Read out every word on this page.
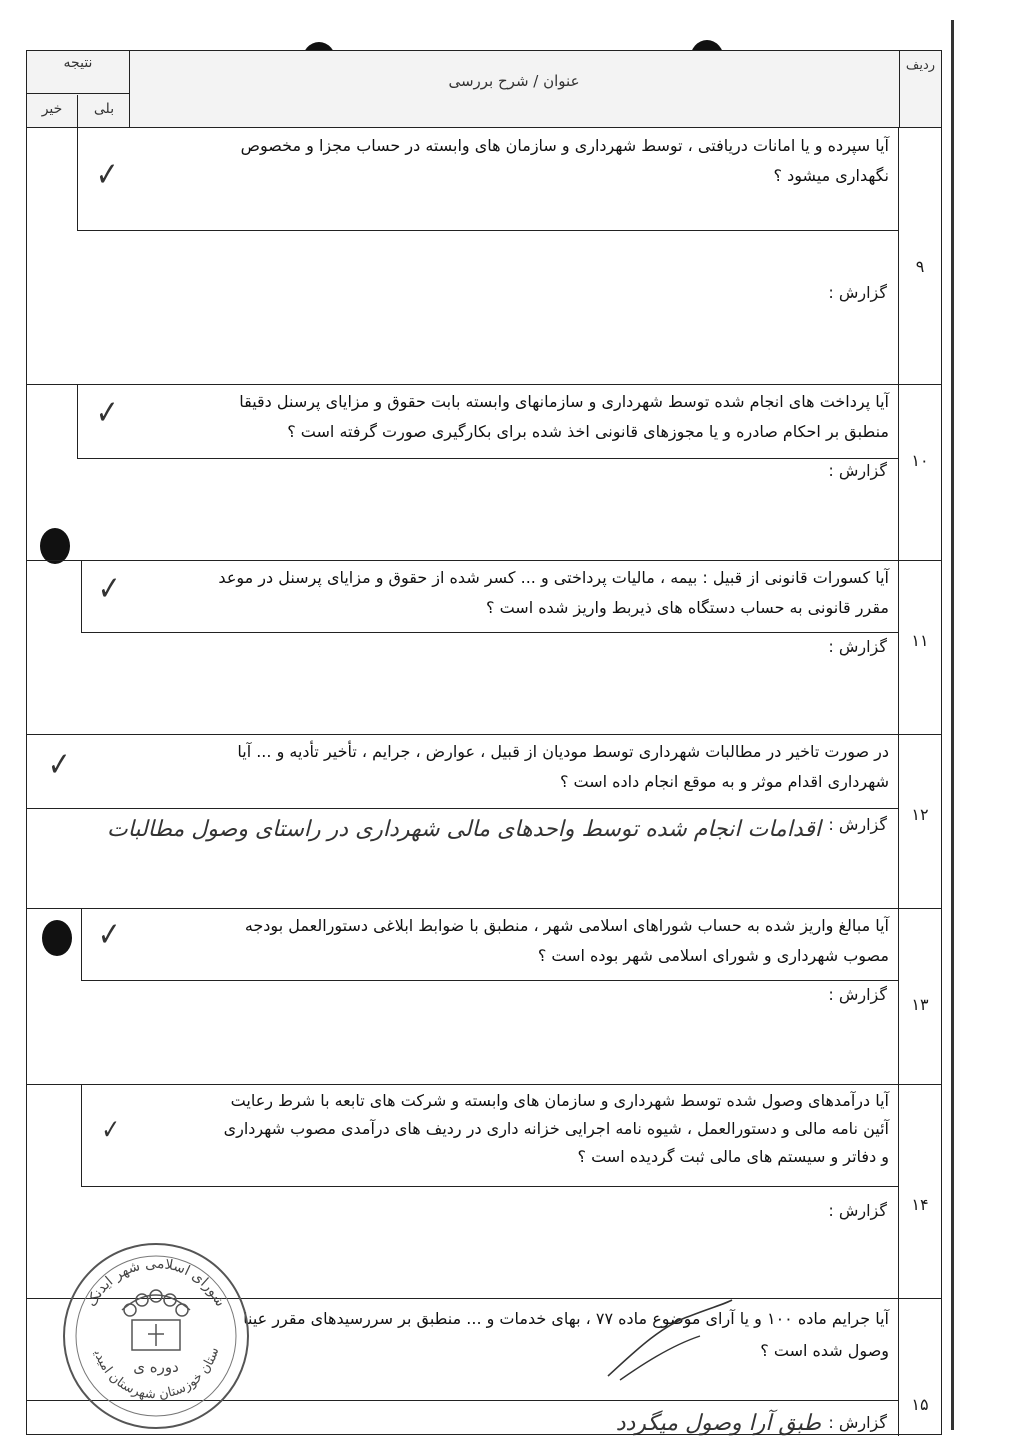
نتیجه
خیر	بلی
عنوان / شرح بررسی
ردیف
آیا سپرده و یا امانات دریافتی ، توسط شهرداری و سازمان های وابسته در حساب مجزا و مخصوص
نگهداری میشود ؟
گزارش :
✓
۹
آیا پرداخت های انجام شده توسط شهرداری و سازمانهای وابسته بابت حقوق و مزایای پرسنل دقیقا
منطبق بر احکام صادره و یا مجوزهای قانونی اخذ شده برای بکارگیری صورت گرفته است ؟
گزارش :
✓
۱۰
آیا کسورات قانونی از قبیل : بیمه ، مالیات پرداختی و ... کسر شده از حقوق و مزایای پرسنل در موعد
مقرر قانونی به حساب دستگاه های ذیربط واریز شده است ؟
گزارش :
✓
۱۱
در صورت تاخیر در مطالبات شهرداری توسط مودیان از قبیل ، عوارض ، جرایم ، تأخیر تأدیه و ... آیا
شهرداری اقدام موثر و به موقع انجام داده است ؟
گزارش :
اقدامات انجام شده توسط واحدهای مالی شهرداری در راستای وصول مطالبات
✓
۱۲
آیا مبالغ واریز شده به حساب شوراهای اسلامی شهر ، منطبق با ضوابط ابلاغی دستورالعمل بودجه
مصوب شهرداری و شورای اسلامی شهر بوده است ؟
گزارش :
✓
۱۳
آیا درآمدهای وصول شده توسط شهرداری و سازمان های وابسته و شرکت های تابعه با شرط رعایت
آئین نامه مالی و دستورالعمل ، شیوه نامه اجرایی خزانه داری در ردیف های درآمدی مصوب شهرداری
و دفاتر و سیستم های مالی ثبت گردیده است ؟
گزارش :
✓
۱۴
آیا جرایم ماده ۱۰۰ و یا آرای موضوع ماده ۷۷ ، بهای خدمات و ... منطبق بر سررسیدهای مقرر عینا
وصول شده است ؟
گزارش :
طبق آرا وصول میگردد
۱۵
شورای اسلامی شهر ایدنک
ستان خوزستان شهرستان امیدی
دوره ی
